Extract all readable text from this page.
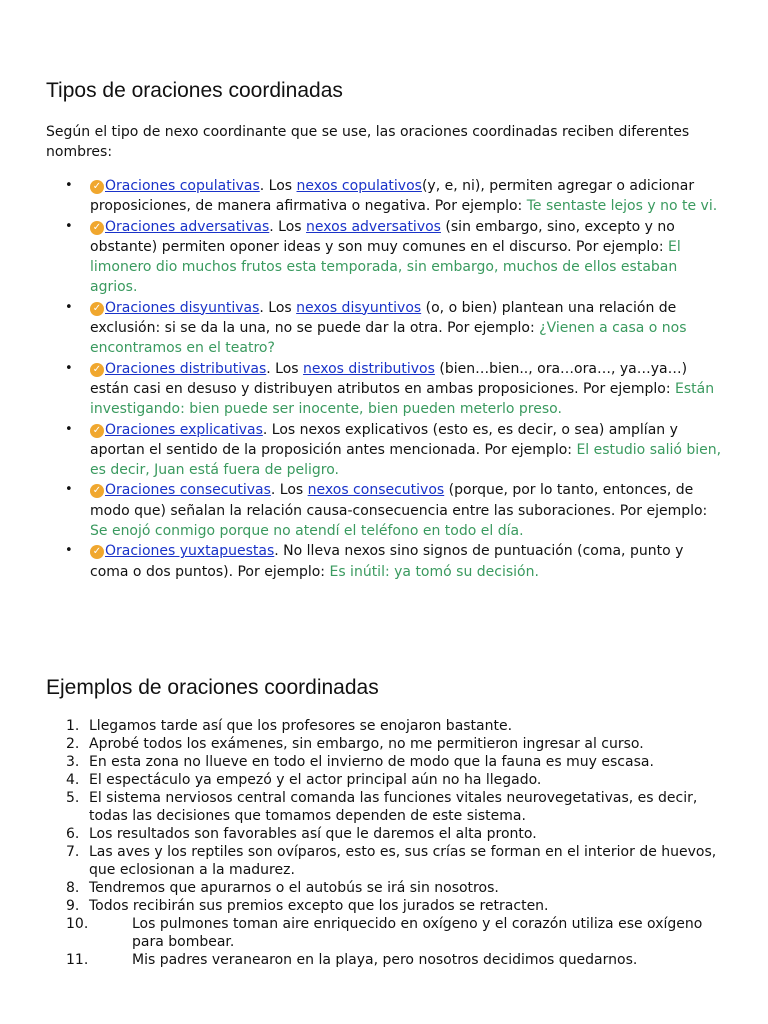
Tipos de oraciones coordinadas

Según el tipo de nexo coordinante que se use, las oraciones coordinadas reciben diferentes nombres:

• ✓ Oraciones copulativas. Los nexos copulativos(y, e, ni), permiten agregar o adicionar proposiciones, de manera afirmativa o negativa. Por ejemplo: Te sentaste lejos y no te vi.
• ✓ Oraciones adversativas. Los nexos adversativos (sin embargo, sino, excepto y no obstante) permiten oponer ideas y son muy comunes en el discurso. Por ejemplo: El limonero dio muchos frutos esta temporada, sin embargo, muchos de ellos estaban agrios.
• ✓ Oraciones disyuntivas. Los nexos disyuntivos (o, o bien) plantean una relación de exclusión: si se da la una, no se puede dar la otra. Por ejemplo: ¿Vienen a casa o nos encontramos en el teatro?
• ✓ Oraciones distributivas. Los nexos distributivos (bien…bien.., ora…ora…, ya…ya…) están casi en desuso y distribuyen atributos en ambas proposiciones. Por ejemplo: Están investigando: bien puede ser inocente, bien pueden meterlo preso.
• ✓ Oraciones explicativas. Los nexos explicativos (esto es, es decir, o sea) amplían y aportan el sentido de la proposición antes mencionada. Por ejemplo: El estudio salió bien, es decir, Juan está fuera de peligro.
• ✓ Oraciones consecutivas. Los nexos consecutivos (porque, por lo tanto, entonces, de modo que) señalan la relación causa-consecuencia entre las suboraciones. Por ejemplo: Se enojó conmigo porque no atendí el teléfono en todo el día.
• ✓ Oraciones yuxtapuestas. No lleva nexos sino signos de puntuación (coma, punto y coma o dos puntos). Por ejemplo: Es inútil: ya tomó su decisión.
Ejemplos de oraciones coordinadas
1. Llegamos tarde así que los profesores se enojaron bastante.
2. Aprobé todos los exámenes, sin embargo, no me permitieron ingresar al curso.
3. En esta zona no llueve en todo el invierno de modo que la fauna es muy escasa.
4. El espectáculo ya empezó y el actor principal aún no ha llegado.
5. El sistema nerviosos central comanda las funciones vitales neurovegetativas, es decir, todas las decisiones que tomamos dependen de este sistema.
6. Los resultados son favorables así que le daremos el alta pronto.
7. Las aves y los reptiles son ovíparos, esto es, sus crías se forman en el interior de huevos, que eclosionan a la madurez.
8. Tendremos que apurarnos o el autobús se irá sin nosotros.
9. Todos recibirán sus premios excepto que los jurados se retracten.
10.	Los pulmones toman aire enriquecido en oxígeno y el corazón utiliza ese oxígeno para bombear.
11.	Mis padres veranearon en la playa, pero nosotros decidimos quedarnos.
